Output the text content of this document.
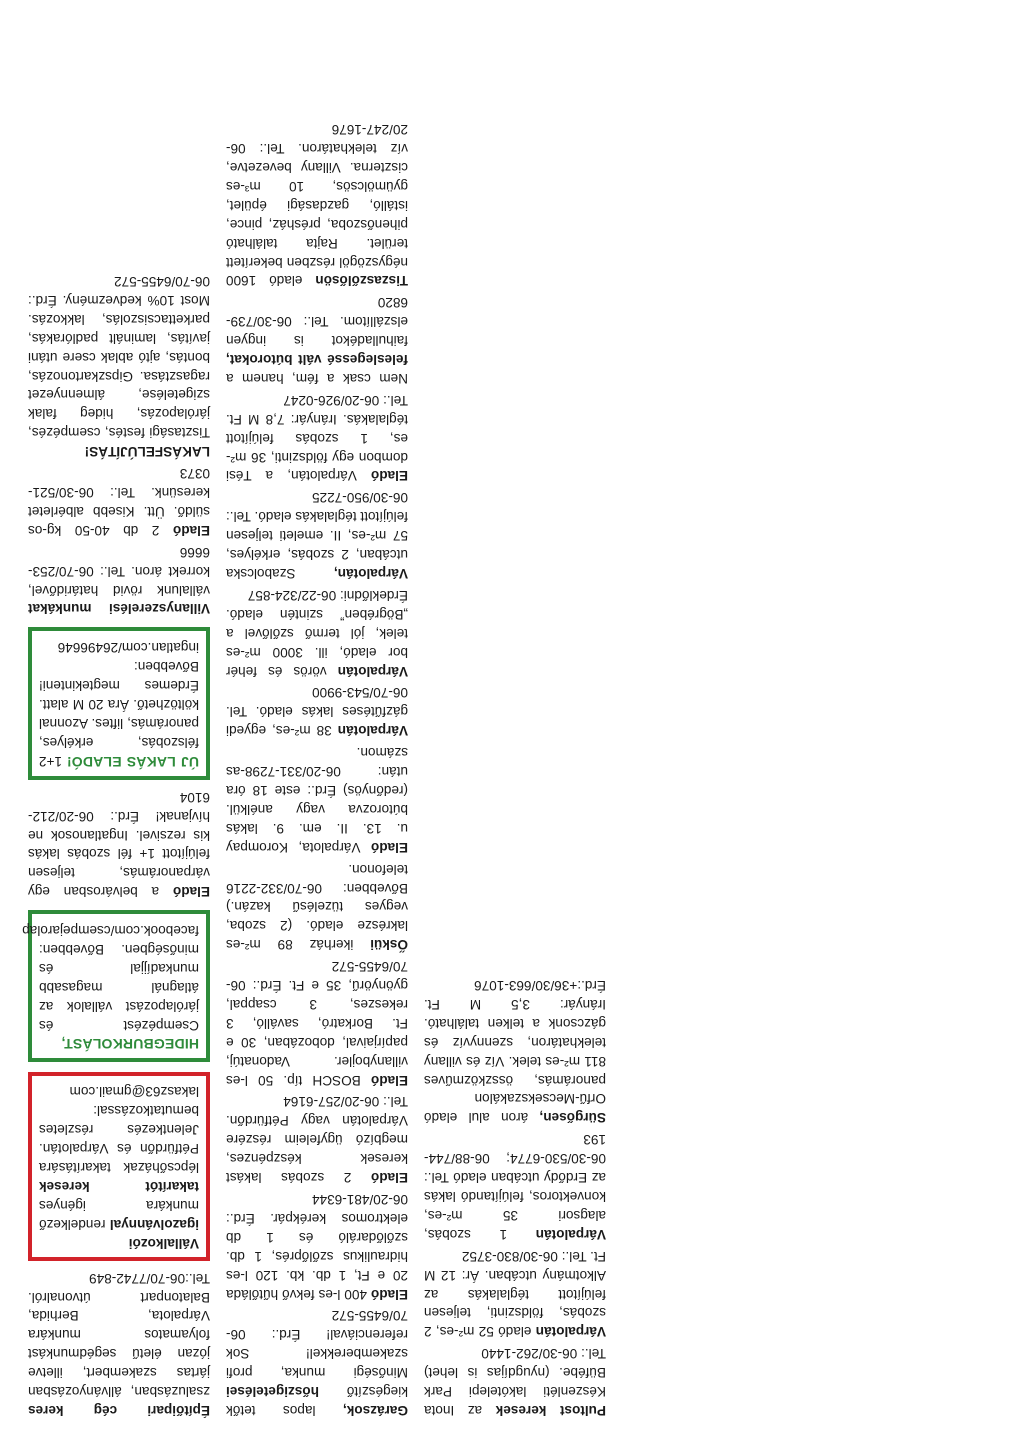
Pultost keresek az Inota Készenléti lakótelepi Park Büfébe. (nyugdíjas is lehet) Tel.: 06-30/262-1440

Várpalotán eladó 52 m²-es, 2 szobás, földszinti, teljesen felújított téglalakás az Alkotmány utcában. Ár: 12 M Ft. Tel.: 06-30/830-3752

Várpalotán 1 szobás, alagsori 35 m²-es, konvektoros, felújítandó lakás az Erdődy utcában eladó Tel.: 06-30/530-6774; 06-88/744-193

Sürgősen, áron alul eladó Orfű-Mecsekszakálon panorámás, összközműves 811 m²-es telek. Víz és villany telekhatáron, szennyvíz és gázcsonk a telken található. Irányár: 3,5 M Ft. Érd.:+36/30/663-1076

Garázsok, lapos tetők kiegészítő hőszigetelései Minőségi munka, profi szakemberekkel! Sok referenciával! Érd.: 06-70/6455-572

Eladó 400 l-es fekvő hűtőláda 20 e Ft, 1 db. kb. 120 l-es hidraulikus szőlőprés, 1 db. szőlődaráló és 1 db elektromos kerékpár. Érd.: 06-20/481-6344

Eladó 2 szobás lakást keresek készpénzes, megbízó ügyfeleim részére Várpalotán vagy Pétfürdőn. Tel.: 06-20/257-6164

Eladó BOSCH típ. 50 l-es villanybojler. Vadonatúj, papírjaival, dobozában, 30 e Ft. Borkatró, saválló, 3 rekeszes, 3 csappal, gyönyörű, 35 e Ft. Érd.: 06-70/6455-572

Ősküi ikerház 89 m²-es lakrésze eladó. (2 szoba, vegyes tüzelésű kazán.) Bővebben: 06-70/332-2216 telefonon.

Eladó Várpalota, Korompay u. 13. II. em. 9. lakás bútorozva vagy anélkül. (redőnyös) Érd.: este 18 óra után: 06-20/331-7298-as számon.

Várpalotán 38 m²-es, egyedi gázfűtéses lakás eladó. Tel. 06-70/543-9900

Várpalotán vörös és fehér bor eladó, ill. 3000 m²-es telek, jól termő szőlővel a „Bögrébenˮ szintén eladó. Érdeklődni: 06-22/324-857

Várpalotán, Szabolcska utcában, 2 szobás, erkélyes, 57 m²-es, II. emeleti teljesen felújított téglalakás eladó. Tel.: 06-30/950-7225

Eladó Várpalotán, a Tési dombon egy földszinti, 36 m²-es, 1 szobás felújított téglalakás. Irányár: 7,8 M Ft. Tel.: 06-20/926-0247

Nem csak a fém, hanem a feleslegessé vált bútorokat, faihulladékot is ingyen elszállítom. Tel.: 06-30/739-6820

Tiszaszőlősön eladó 1600 négyszögöl részben bekerített terület. Rajta található pihenőszoba, présház, pince, istálló, gazdasági épület, gyümölcsös, 10 m³-es ciszterna. Villany bevezetve, víz telekhatáron. Tel.: 06-20/247-1676

Építőipari cég keres zsaluzásban, állványozásban jártas szakembert, illetve józan életű segédmunkást folyamatos munkára Várpalota, Berhida, Balatonpart útvonalról. Tel.:06-70/7742-849

Vállalkozói igazolvánnyal rendelkező munkára igényes takarítót keresek lépcsőházak takarítására Pétfürdőn és Várpalotán. Jelentkezés részletes bemutatkozással: lakasz63@gmail.com
HIDEGBURKOLÁST,
Csempézést és járólapozást vállalok az átlagnál magasabb munkadíjjal és minőségben. Bővebben: facebook.com/csempejarolap

Eladó a belvárosban egy várpanorámás, teljesen felújított 1+ fél szobás lakás kis rezsivel. Ingatlanosok ne hívjanak! Érd.: 06-20/212-6104

ÚJ LAKÁS ELADÓ! 1+2 félszobás, erkélyes, panorámás, liftes. Azonnal költözhető. Ára 20 M alatt. Érdemes megtekinteni! Bővebben: ingatlan.com/26496646

Villanyszerelési munkákat vállalunk rövid határidővel, korrekt áron. Tel.: 06-70/253-6666

Eladó 2 db 40-50 kg-os süldő. Ütt. Kisebb albérletet keresünk. Tel.: 06-30/521-0373

LAKÁSFELÚJÍTÁS! Tisztasági festés, csempézés, járólapozás, hideg falak szigetelése, álmennyezet ragasztása. Gipszkartonozás, bontás, ajtó ablak csere utáni javítás, laminált padlórakás, parkettacsiszolás, lakkozás. Most 10% kedvezmény. Érd.: 06-70/6455-572
